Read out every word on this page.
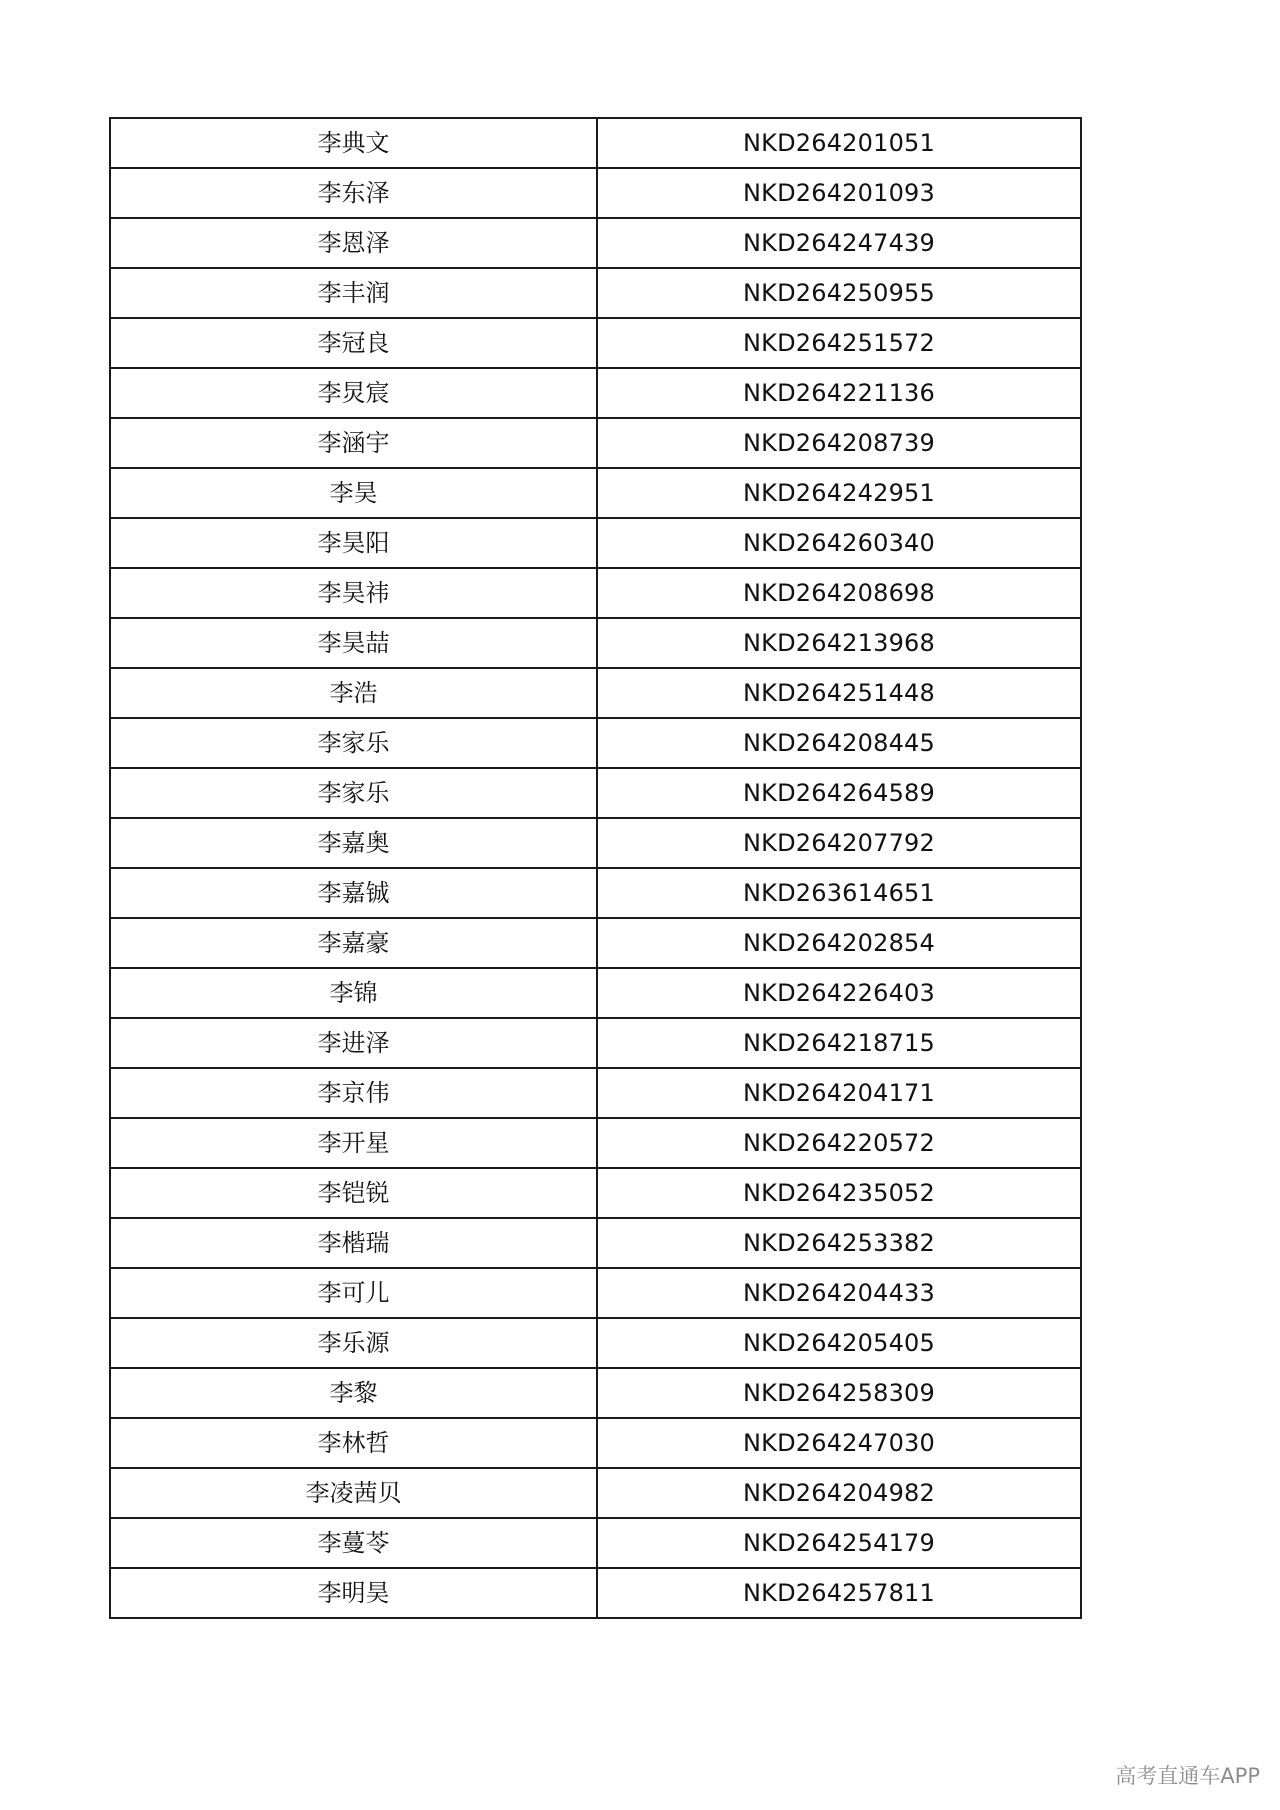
李典文	NKD264201051
李东泽	NKD264201093
李恩泽	NKD264247439
李丰润	NKD264250955
李冠良	NKD264251572
李炅宸	NKD264221136
李涵宇	NKD264208739
李昊	NKD264242951
李昊阳	NKD264260340
李昊祎	NKD264208698
李昊喆	NKD264213968
李浩	NKD264251448
李家乐	NKD264208445
李家乐	NKD264264589
李嘉奥	NKD264207792
李嘉铖	NKD263614651
李嘉豪	NKD264202854
李锦	NKD264226403
李进泽	NKD264218715
李京伟	NKD264204171
李开星	NKD264220572
李铠锐	NKD264235052
李楷瑞	NKD264253382
李可儿	NKD264204433
李乐源	NKD264205405
李黎	NKD264258309
李林哲	NKD264247030
李凌茜贝	NKD264204982
李蔓苓	NKD264254179
李明昊	NKD264257811
高考直通车APP
